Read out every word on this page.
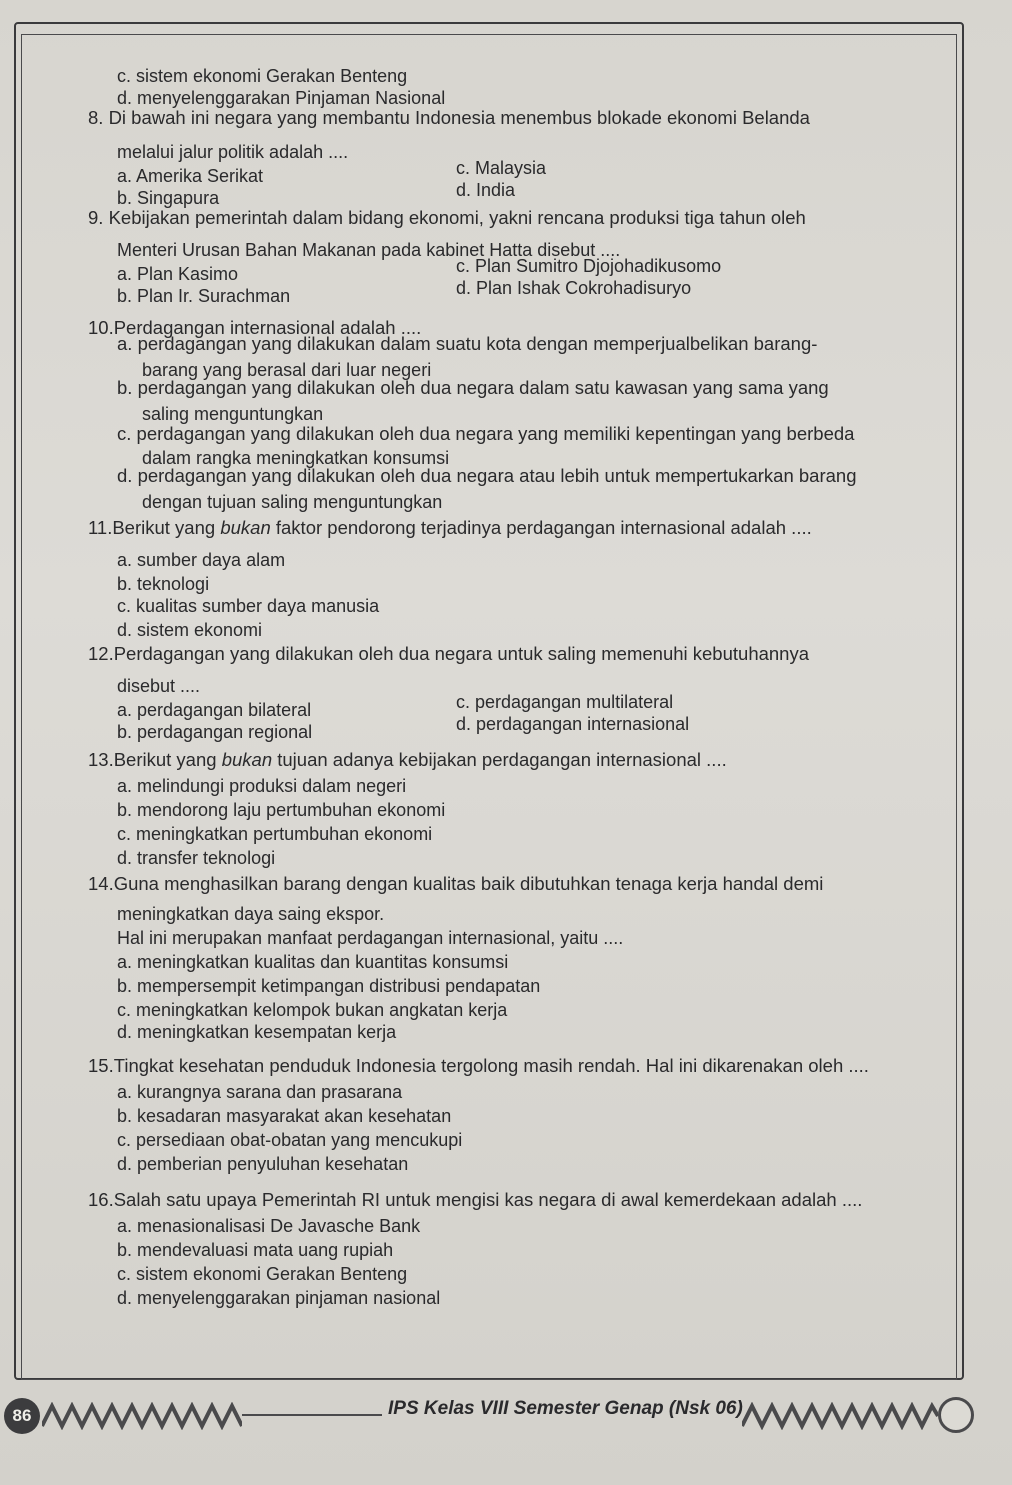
c. sistem ekonomi Gerakan Benteng
d. menyelenggarakan Pinjaman Nasional
8. Di bawah ini negara yang membantu Indonesia menembus blokade ekonomi Belanda
melalui jalur politik adalah ....
a. Amerika Serikat
b. Singapura
c. Malaysia
d. India
9. Kebijakan pemerintah dalam bidang ekonomi, yakni rencana produksi tiga tahun oleh
Menteri Urusan Bahan Makanan pada kabinet Hatta disebut ....
a. Plan Kasimo
b. Plan Ir. Surachman
c. Plan Sumitro Djojohadikusomo
d. Plan Ishak Cokrohadisuryo
10.Perdagangan internasional adalah ....
a. perdagangan yang dilakukan dalam suatu kota dengan memperjualbelikan barang-
barang yang berasal dari luar negeri
b. perdagangan yang dilakukan oleh dua negara dalam satu kawasan yang sama yang
saling menguntungkan
c. perdagangan yang dilakukan oleh dua negara yang memiliki kepentingan yang berbeda
dalam rangka meningkatkan konsumsi
d. perdagangan yang dilakukan oleh dua negara atau lebih untuk mempertukarkan barang
dengan tujuan saling menguntungkan
11.Berikut yang bukan faktor pendorong terjadinya perdagangan internasional adalah ....
a. sumber daya alam
b. teknologi
c. kualitas sumber daya manusia
d. sistem ekonomi
12.Perdagangan yang dilakukan oleh dua negara untuk saling memenuhi kebutuhannya
disebut ....
a. perdagangan bilateral
b. perdagangan regional
c. perdagangan multilateral
d. perdagangan internasional
13.Berikut yang bukan tujuan adanya kebijakan perdagangan internasional ....
a. melindungi produksi dalam negeri
b. mendorong laju pertumbuhan ekonomi
c. meningkatkan pertumbuhan ekonomi
d. transfer teknologi
14.Guna menghasilkan barang dengan kualitas baik dibutuhkan tenaga kerja handal demi
meningkatkan daya saing ekspor.
Hal ini merupakan manfaat perdagangan internasional, yaitu ....
a. meningkatkan kualitas dan kuantitas konsumsi
b. mempersempit ketimpangan distribusi pendapatan
c. meningkatkan kelompok bukan angkatan kerja
d. meningkatkan kesempatan kerja
15.Tingkat kesehatan penduduk Indonesia tergolong masih rendah. Hal ini dikarenakan oleh ....
a. kurangnya sarana dan prasarana
b. kesadaran masyarakat akan kesehatan
c. persediaan obat-obatan yang mencukupi
d. pemberian penyuluhan kesehatan
16.Salah satu upaya Pemerintah RI untuk mengisi kas negara di awal kemerdekaan adalah ....
a. menasionalisasi De Javasche Bank
b. mendevaluasi mata uang rupiah
c. sistem ekonomi Gerakan Benteng
d. menyelenggarakan pinjaman nasional
86	IPS Kelas VIII Semester Genap (Nsk 06)
